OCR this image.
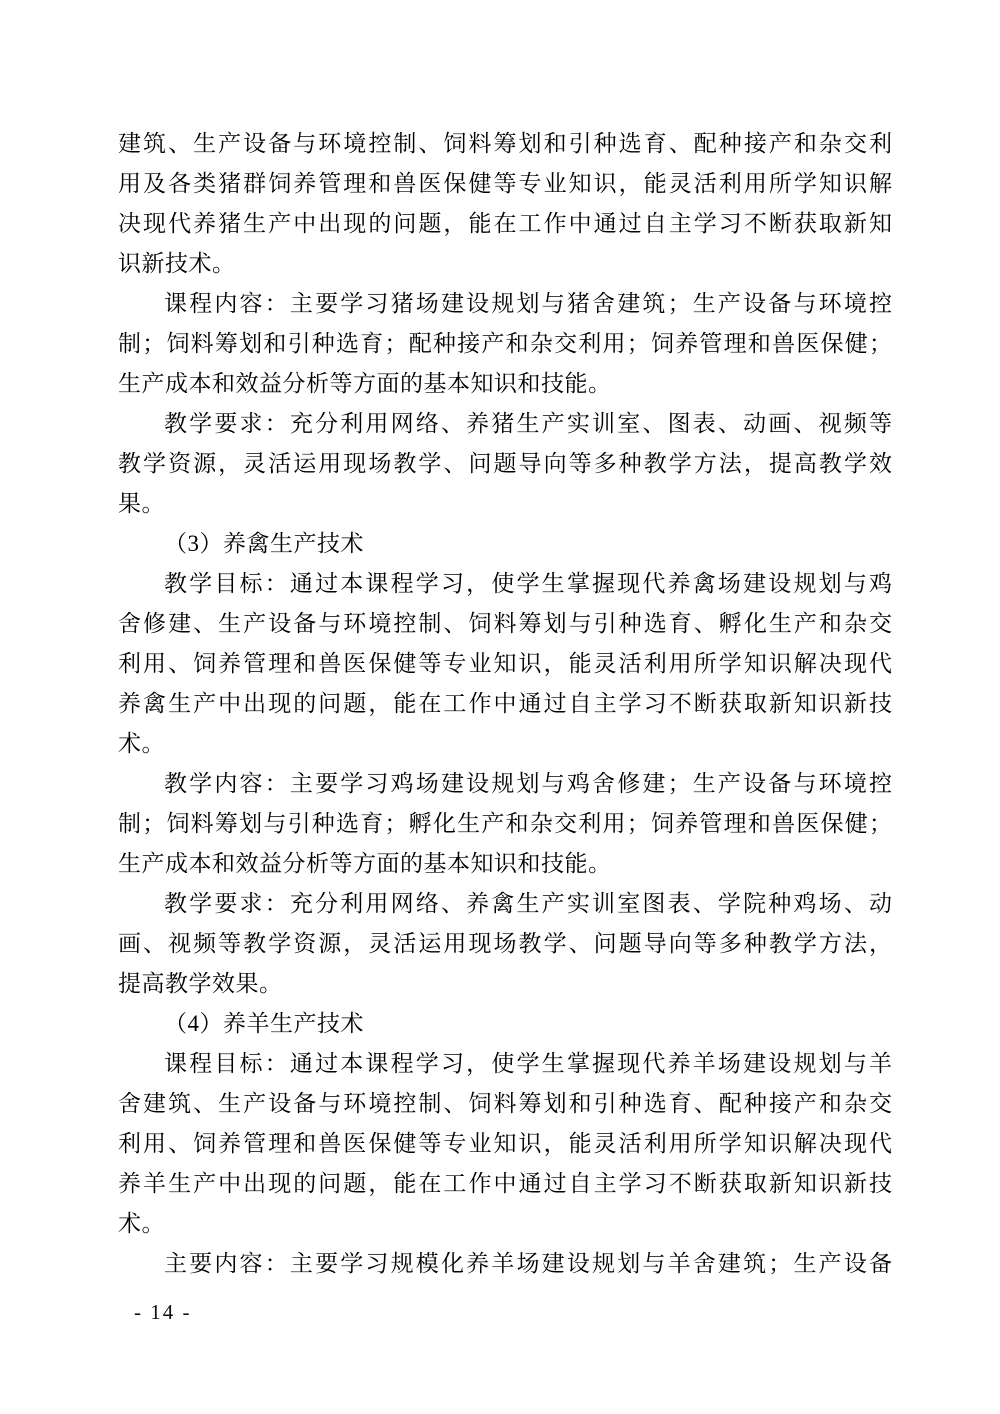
建筑、生产设备与环境控制、饲料筹划和引种选育、配种接产和杂交利
用及各类猪群饲养管理和兽医保健等专业知识，能灵活利用所学知识解
决现代养猪生产中出现的问题，能在工作中通过自主学习不断获取新知
识新技术。
课程内容：主要学习猪场建设规划与猪舍建筑；生产设备与环境控
制；饲料筹划和引种选育；配种接产和杂交利用；饲养管理和兽医保健；
生产成本和效益分析等方面的基本知识和技能。
教学要求：充分利用网络、养猪生产实训室、图表、动画、视频等
教学资源，灵活运用现场教学、问题导向等多种教学方法，提高教学效
果。
（3）养禽生产技术
教学目标：通过本课程学习，使学生掌握现代养禽场建设规划与鸡
舍修建、生产设备与环境控制、饲料筹划与引种选育、孵化生产和杂交
利用、饲养管理和兽医保健等专业知识，能灵活利用所学知识解决现代
养禽生产中出现的问题，能在工作中通过自主学习不断获取新知识新技
术。
教学内容：主要学习鸡场建设规划与鸡舍修建；生产设备与环境控
制；饲料筹划与引种选育；孵化生产和杂交利用；饲养管理和兽医保健；
生产成本和效益分析等方面的基本知识和技能。
教学要求：充分利用网络、养禽生产实训室图表、学院种鸡场、动
画、视频等教学资源，灵活运用现场教学、问题导向等多种教学方法，
提高教学效果。
（4）养羊生产技术
课程目标：通过本课程学习，使学生掌握现代养羊场建设规划与羊
舍建筑、生产设备与环境控制、饲料筹划和引种选育、配种接产和杂交
利用、饲养管理和兽医保健等专业知识，能灵活利用所学知识解决现代
养羊生产中出现的问题，能在工作中通过自主学习不断获取新知识新技
术。
主要内容：主要学习规模化养羊场建设规划与羊舍建筑；生产设备
- 14 -
